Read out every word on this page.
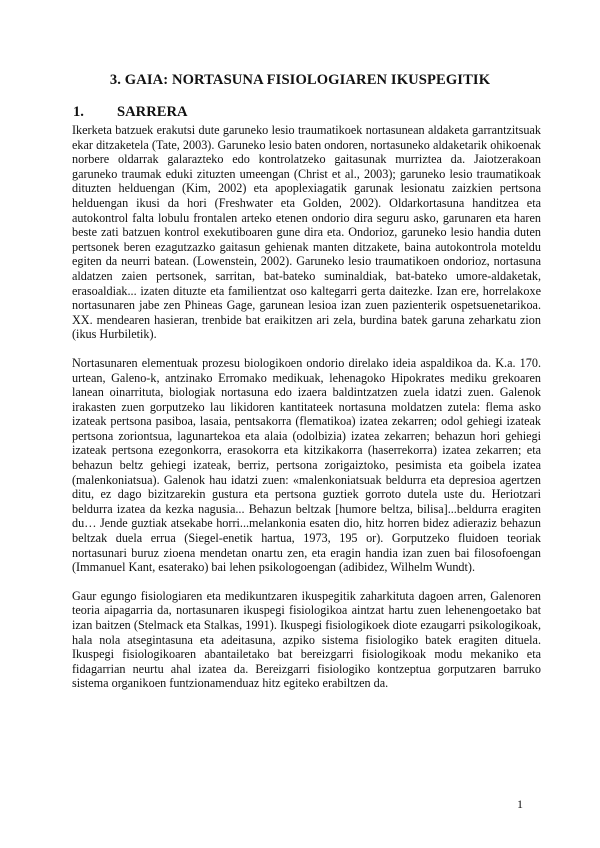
3. GAIA: NORTASUNA FISIOLOGIAREN IKUSPEGITIK
1. SARRERA

Ikerketa batzuek erakutsi dute garuneko lesio traumatikoek nortasunean aldaketa garrantzitsuak ekar ditzaketela (Tate, 2003). Garuneko lesio baten ondoren, nortasuneko aldaketarik ohikoenak norbere oldarrak galarazteko edo kontrolatzeko gaitasunak murriztea da. Jaiotzerakoan garuneko traumak eduki zituzten umeengan (Christ et al., 2003); garuneko lesio traumatikoak dituzten helduengan (Kim, 2002) eta apoplexiagatik garunak lesionatu zaizkien pertsona helduengan ikusi da hori (Freshwater eta Golden, 2002). Oldarkortasuna handitzea eta autokontrol falta lobulu frontalen arteko etenen ondorio dira seguru asko, garunaren eta haren beste zati batzuen kontrol exekutiboaren gune dira eta. Ondorioz, garuneko lesio handia duten pertsonek beren ezagutzazko gaitasun gehienak manten ditzakete, baina autokontrola moteldu egiten da neurri batean. (Lowenstein, 2002). Garuneko lesio traumatikoen ondorioz, nortasuna aldatzen zaien pertsonek, sarritan, bat-bateko suminaldiak, bat-bateko umore-aldaketak, erasoaldiak... izaten dituzte eta familientzat oso kaltegarri gerta daitezke. Izan ere, horrelakoxe nortasunaren jabe zen Phineas Gage, garunean lesioa izan zuen pazienterik ospetsuenetarikoa. XX. mendearen hasieran, trenbide bat eraikitzen ari zela, burdina batek garuna zeharkatu zion (ikus Hurbiletik).

Nortasunaren elementuak prozesu biologikoen ondorio direlako ideia aspaldikoa da. K.a. 170. urtean, Galeno-k, antzinako Erromako medikuak, lehenagoko Hipokrates mediku grekoaren lanean oinarrituta, biologiak nortasuna edo izaera baldintzatzen zuela idatzi zuen. Galenok irakasten zuen gorputzeko lau likidoren kantitateek nortasuna moldatzen zutela: flema asko izateak pertsona pasiboa, lasaia, pentsakorra (flematikoa) izatea zekarren; odol gehiegi izateak pertsona zoriontsua, lagunartekoa eta alaia (odolbizia) izatea zekarren; behazun hori gehiegi izateak pertsona ezegonkorra, erasokorra eta kitzikakorra (haserrekorra) izatea zekarren; eta behazun beltz gehiegi izateak, berriz, pertsona zorigaiztoko, pesimista eta goibela izatea (malenkoniatsua). Galenok hau idatzi zuen: «malenkoniatsuak beldurra eta depresioa agertzen ditu, ez dago bizitzarekin gustura eta pertsona guztiek gorroto dutela uste du. Heriotzari beldurra izatea da kezka nagusia... Behazun beltzak [humore beltza, bilisa]...beldurra eragiten du… Jende guztiak atsekabe horri...melankonia esaten dio, hitz horren bidez adieraziz behazun beltzak duela errua (Siegel-enetik hartua, 1973, 195 or). Gorputzeko fluidoen teoriak nortasunari buruz zioena mendetan onartu zen, eta eragin handia izan zuen bai filosofoengan (Immanuel Kant, esaterako) bai lehen psikologoengan (adibidez, Wilhelm Wundt).

Gaur egungo fisiologiaren eta medikuntzaren ikuspegitik zaharkituta dagoen arren, Galenoren teoria aipagarria da, nortasunaren ikuspegi fisiologikoa aintzat hartu zuen lehenengoetako bat izan baitzen (Stelmack eta Stalkas, 1991). Ikuspegi fisiologikoek diote ezaugarri psikologikoak, hala nola atsegintasuna eta adeitasuna, azpiko sistema fisiologiko batek eragiten dituela. Ikuspegi fisiologikoaren abantailetako bat bereizgarri fisiologikoak modu mekaniko eta fidagarrian neurtu ahal izatea da. Bereizgarri fisiologiko kontzeptua gorputzaren barruko sistema organikoen funtzionamenduaz hitz egiteko erabiltzen da.

1
